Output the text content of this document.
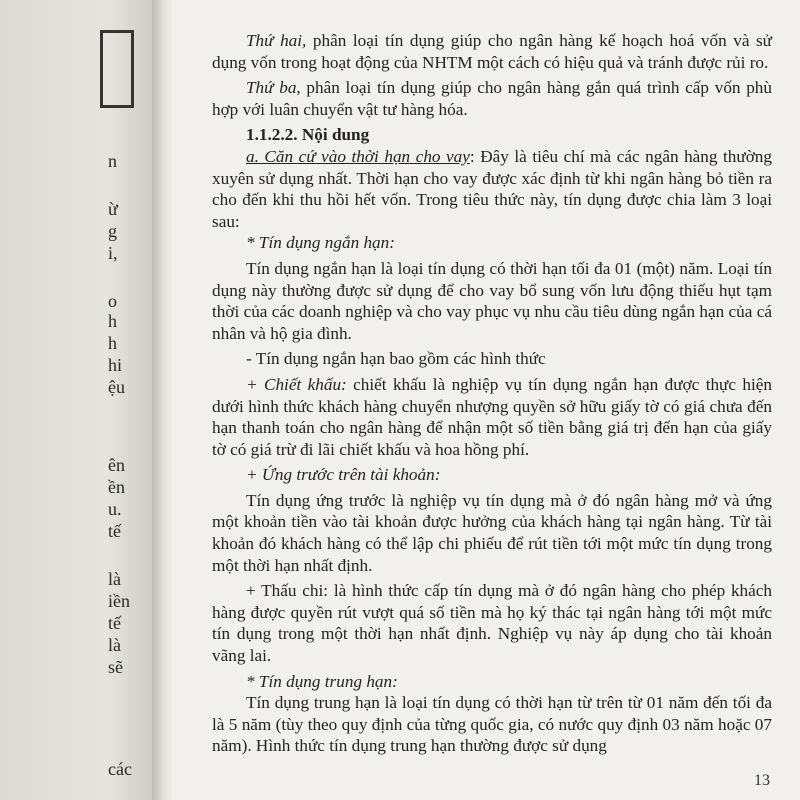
n
ừ
g
i,
o
h
h
hi
ệu
ên
ền
u.
tế
là
iền
tế
là
sẽ
các

Thứ hai, phân loại tín dụng giúp cho ngân hàng kế hoạch hoá vốn và sử dụng vốn trong hoạt động của NHTM một cách có hiệu quả và tránh được rủi ro.

Thứ ba, phân loại tín dụng giúp cho ngân hàng gắn quá trình cấp vốn phù hợp với luân chuyển vật tư hàng hóa.

1.1.2.2. Nội dung

a. Căn cứ vào thời hạn cho vay: Đây là tiêu chí mà các ngân hàng thường xuyên sử dụng nhất. Thời hạn cho vay được xác định từ khi ngân hàng bỏ tiền ra cho đến khi thu hồi hết vốn. Trong tiêu thức này, tín dụng được chia làm 3 loại sau:

* Tín dụng ngắn hạn:

Tín dụng ngắn hạn là loại tín dụng có thời hạn tối đa 01 (một) năm. Loại tín dụng này thường được sử dụng để cho vay bổ sung vốn lưu động thiếu hụt tạm thời của các doanh nghiệp và cho vay phục vụ nhu cầu tiêu dùng ngắn hạn của cá nhân và hộ gia đình.

- Tín dụng ngắn hạn bao gồm các hình thức

+ Chiết khấu: chiết khấu là nghiệp vụ tín dụng ngắn hạn được thực hiện dưới hình thức khách hàng chuyển nhượng quyền sở hữu giấy tờ có giá chưa đến hạn thanh toán cho ngân hàng để nhận một số tiền bằng giá trị đến hạn của giấy tờ có giá trừ đi lãi chiết khấu và hoa hồng phí.

+ Ứng trước trên tài khoản:

Tín dụng ứng trước là nghiệp vụ tín dụng mà ở đó ngân hàng mở và ứng một khoản tiền vào tài khoản được hưởng của khách hàng tại ngân hàng. Từ tài khoản đó khách hàng có thể lập chi phiếu để rút tiền tới một mức tín dụng trong một thời hạn nhất định.

+ Thấu chi: là hình thức cấp tín dụng mà ở đó ngân hàng cho phép khách hàng được quyền rút vượt quá số tiền mà họ ký thác tại ngân hàng tới một mức tín dụng trong một thời hạn nhất định. Nghiệp vụ này áp dụng cho tài khoản vãng lai.

* Tín dụng trung hạn:

Tín dụng trung hạn là loại tín dụng có thời hạn từ trên từ 01 năm đến tối đa là 5 năm (tùy theo quy định của từng quốc gia, có nước quy định 03 năm hoặc 07 năm). Hình thức tín dụng trung hạn thường được sử dụng

13
